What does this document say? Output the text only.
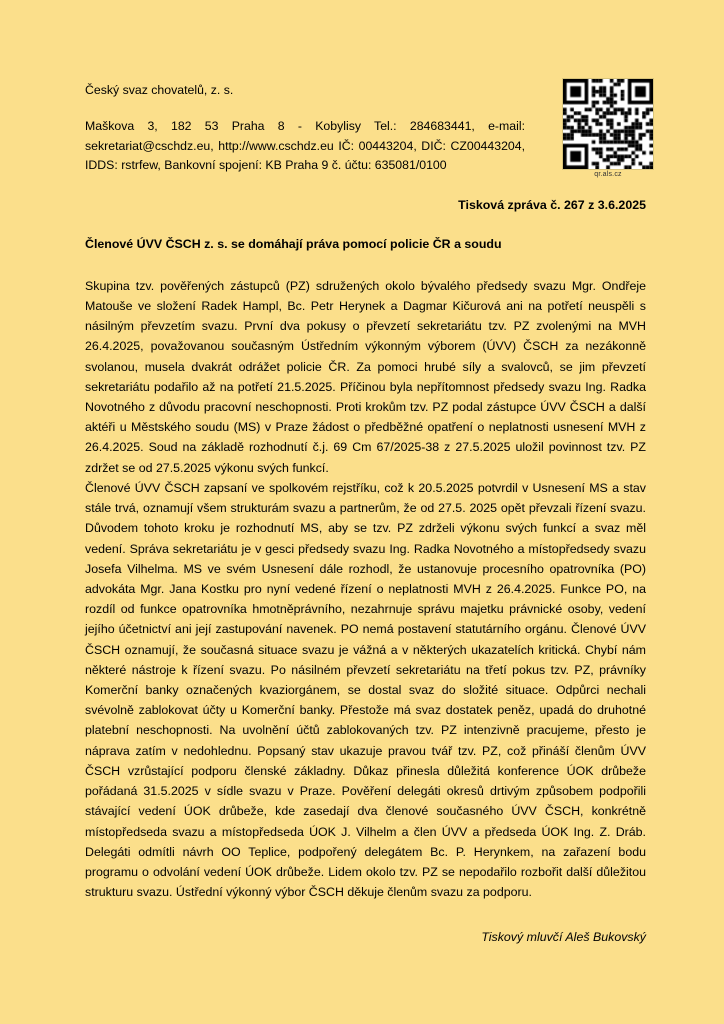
qr.als.cz

Český svaz chovatelů, z. s.

Maškova 3, 182 53 Praha 8 - Kobylisy Tel.: 284683441, e-mail: sekretariat@cschdz.eu, http://www.cschdz.eu IČ: 00443204, DIČ: CZ00443204, IDDS: rstrfew, Bankovní spojení: KB Praha 9 č. účtu: 635081/0100

Tisková zpráva č. 267 z 3.6.2025

Členové ÚVV ČSCH z. s. se domáhají práva pomocí policie ČR a soudu

Skupina tzv. pověřených zástupců (PZ) sdružených okolo bývalého předsedy svazu Mgr. Ondřeje Matouše ve složení Radek Hampl, Bc. Petr Herynek a Dagmar Kičurová ani na potřetí neuspěli s násilným převzetím svazu. První dva pokusy o převzetí sekretariátu tzv. PZ zvolenými na MVH 26.4.2025, považovanou současným Ústředním výkonným výborem (ÚVV) ČSCH za nezákonně svolanou, musela dvakrát odrážet policie ČR. Za pomoci hrubé síly a svalovců, se jim převzetí sekretariátu podařilo až na potřetí 21.5.2025. Příčinou byla nepřítomnost předsedy svazu Ing. Radka Novotného z důvodu pracovní neschopnosti. Proti krokům tzv. PZ podal zástupce ÚVV ČSCH a další aktéři u Městského soudu (MS) v Praze žádost o předběžné opatření o neplatnosti usnesení MVH z 26.4.2025. Soud na základě rozhodnutí č.j. 69 Cm 67/2025-38 z 27.5.2025 uložil povinnost tzv. PZ zdržet se od 27.5.2025 výkonu svých funkcí.

Členové ÚVV ČSCH zapsaní ve spolkovém rejstříku, což k 20.5.2025 potvrdil v Usnesení MS a stav stále trvá, oznamují všem strukturám svazu a partnerům, že od 27.5. 2025 opět převzali řízení svazu. Důvodem tohoto kroku je rozhodnutí MS, aby se tzv. PZ zdrželi výkonu svých funkcí a svaz měl vedení. Správa sekretariátu je v gesci předsedy svazu Ing. Radka Novotného a místopředsedy svazu Josefa Vilhelma. MS ve svém Usnesení dále rozhodl, že ustanovuje procesního opatrovníka (PO) advokáta Mgr. Jana Kostku pro nyní vedené řízení o neplatnosti MVH z 26.4.2025. Funkce PO, na rozdíl od funkce opatrovníka hmotněprávního, nezahrnuje správu majetku právnické osoby, vedení jejího účetnictví ani její zastupování navenek. PO nemá postavení statutárního orgánu. Členové ÚVV ČSCH oznamují, že současná situace svazu je vážná a v některých ukazatelích kritická. Chybí nám některé nástroje k řízení svazu. Po násilném převzetí sekretariátu na třetí pokus tzv. PZ, právníky Komerční banky označených kvaziorgánem, se dostal svaz do složité situace. Odpůrci nechali svévolně zablokovat účty u Komerční banky. Přestože má svaz dostatek peněz, upadá do druhotné platební neschopnosti. Na uvolnění účtů zablokovaných tzv. PZ intenzivně pracujeme, přesto je náprava zatím v nedohlednu. Popsaný stav ukazuje pravou tvář tzv. PZ, což přináší členům ÚVV ČSCH vzrůstající podporu členské základny. Důkaz přinesla důležitá konference ÚOK drůbeže pořádaná 31.5.2025 v sídle svazu v Praze. Pověření delegáti okresů drtivým způsobem podpořili stávající vedení ÚOK drůbeže, kde zasedají dva členové současného ÚVV ČSCH, konkrétně místopředseda svazu a místopředseda ÚOK J. Vilhelm a člen ÚVV a předseda ÚOK Ing. Z. Dráb. Delegáti odmítli návrh OO Teplice, podpořený delegátem Bc. P. Herynkem, na zařazení bodu programu o odvolání vedení ÚOK drůbeže. Lidem okolo tzv. PZ se nepodařilo rozbořit další důležitou strukturu svazu. Ústřední výkonný výbor ČSCH děkuje členům svazu za podporu.

Tiskový mluvčí Aleš Bukovský
